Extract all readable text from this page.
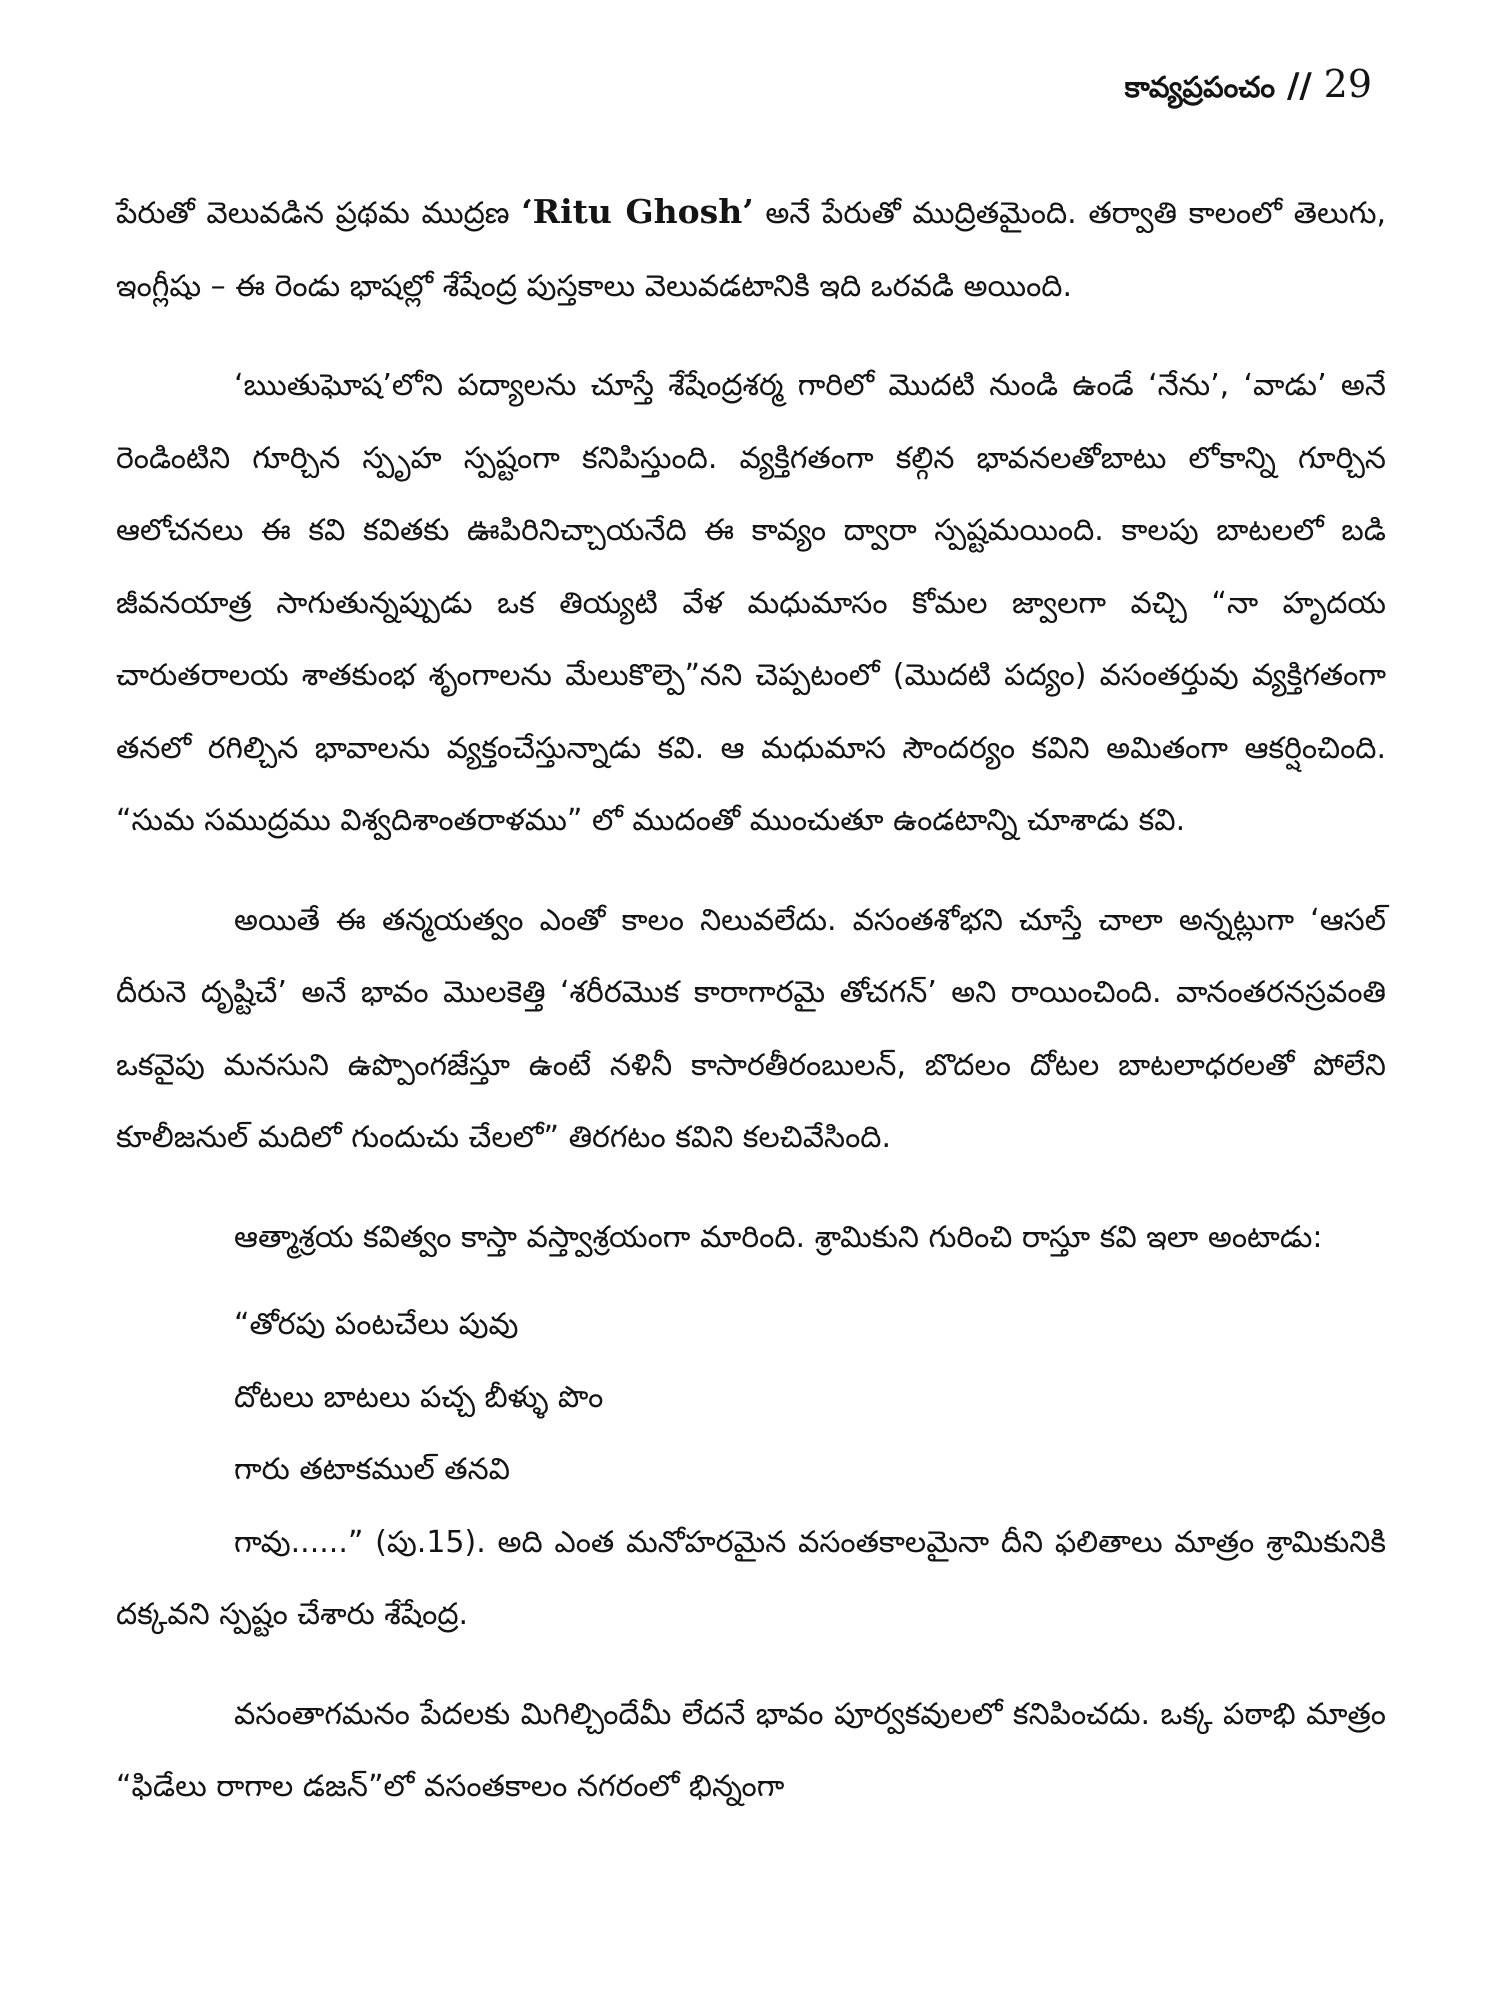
కావ్యప్రపంచం // 29

పేరుతో వెలువడిన ప్రథమ ముద్రణ ‘Ritu Ghosh’ అనే పేరుతో ముద్రితమైంది. తర్వాతి కాలంలో తెలుగు, ఇంగ్లీషు – ఈ రెండు భాషల్లో శేషేంద్ర పుస్తకాలు వెలువడటానికి ఇది ఒరవడి అయింది.

‘ఋతుఘోష’లోని పద్యాలను చూస్తే శేషేంద్రశర్మ గారిలో మొదటి నుండి ఉండే ‘నేను’, ‘వాడు’ అనే రెండింటిని గూర్చిన స్పృహ స్పష్టంగా కనిపిస్తుంది. వ్యక్తిగతంగా కల్గిన భావనలతోబాటు లోకాన్ని గూర్చిన ఆలోచనలు ఈ కవి కవితకు ఊపిరినిచ్చాయనేది ఈ కావ్యం ద్వారా స్పష్టమయింది. కాలపు బాటలలో బడి జీవనయాత్ర సాగుతున్నప్పుడు ఒక తియ్యటి వేళ మధుమాసం కోమల జ్వాలగా వచ్చి “నా హృదయ చారుతరాలయ శాతకుంభ శృంగాలను మేలుకొల్పె”నని చెప్పటంలో (మొదటి పద్యం) వసంతర్తువు వ్యక్తిగతంగా తనలో రగిల్చిన భావాలను వ్యక్తంచేస్తున్నాడు కవి. ఆ మధుమాస సౌందర్యం కవిని అమితంగా ఆకర్షించింది. “సుమ సముద్రము విశ్వదిశాంతరాళము” లో ముదంతో ముంచుతూ ఉండటాన్ని చూశాడు కవి.

అయితే ఈ తన్మయత్వం ఎంతో కాలం నిలువలేదు. వసంతశోభని చూస్తే చాలా అన్నట్లుగా ‘ఆసల్ దీరునె దృష్టిచే’ అనే భావం మొలకెత్తి ‘శరీరమొక కారాగారమై తోచగన్’ అని రాయించింది. వానంతరనస్రవంతి ఒకవైపు మనసుని ఉప్పొంగజేస్తూ ఉంటే నళినీ కాసారతీరంబులన్, బొదలం దోటల బాటలాధరలతో పోలేని కూలీజనుల్ మదిలో గుందుచు చేలలో” తిరగటం కవిని కలచివేసింది.

ఆత్మాశ్రయ కవిత్వం కాస్తా వస్త్వాశ్రయంగా మారింది. శ్రామికుని గురించి రాస్తూ కవి ఇలా అంటాడు:

“తోరపు పంటచేలు పువు
దోటలు బాటలు పచ్చ బీళ్ళు పొం
గారు తటాకముల్ తనవి

గావు......” (పు.15). అది ఎంత మనోహరమైన వసంతకాలమైనా దీని ఫలితాలు మాత్రం శ్రామికునికి దక్కవని స్పష్టం చేశారు శేషేంద్ర.

వసంతాగమనం పేదలకు మిగిల్చిందేమీ లేదనే భావం పూర్వకవులలో కనిపించదు. ఒక్క పఠాభి మాత్రం “ఫిడేలు రాగాల డజన్”లో వసంతకాలం నగరంలో భిన్నంగా
